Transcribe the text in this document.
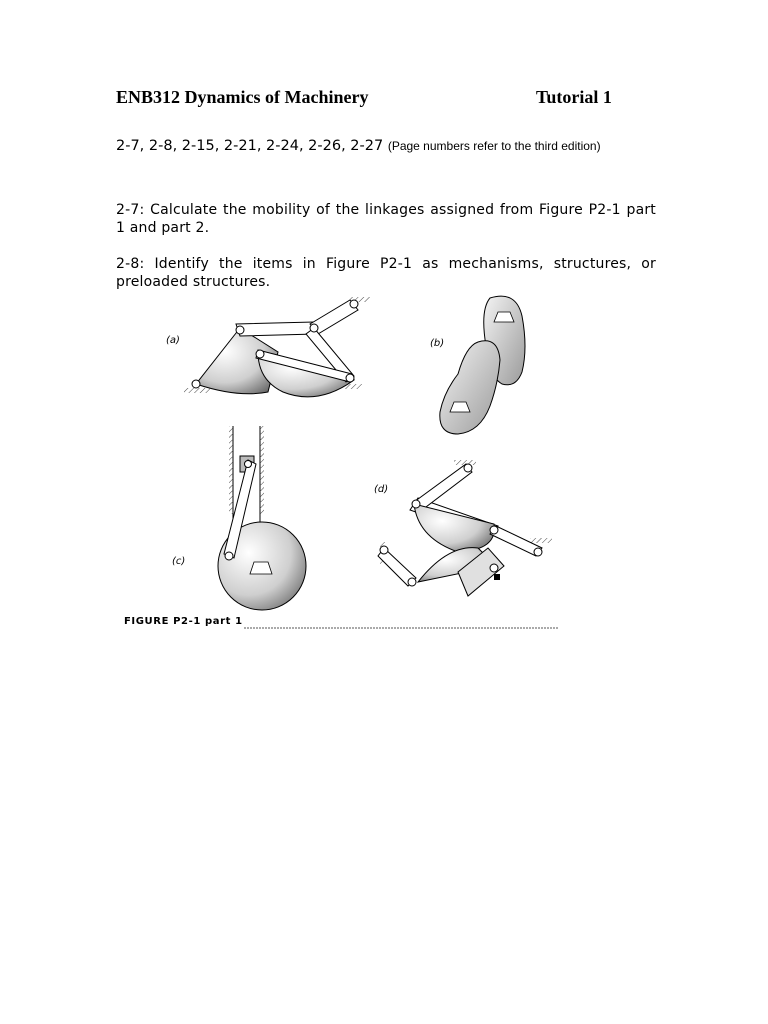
ENB312 Dynamics of Machinery	Tutorial 1
2-7, 2-8, 2-15, 2-21, 2-24, 2-26, 2-27 (Page numbers refer to the third edition)
2-7: Calculate the mobility of the linkages assigned from Figure P2-1 part 1 and part 2.
2-8: Identify the items in Figure P2-1 as mechanisms, structures, or preloaded structures.
(a)	(b)
(c)
(d)
FIGURE P2-1 part 1
